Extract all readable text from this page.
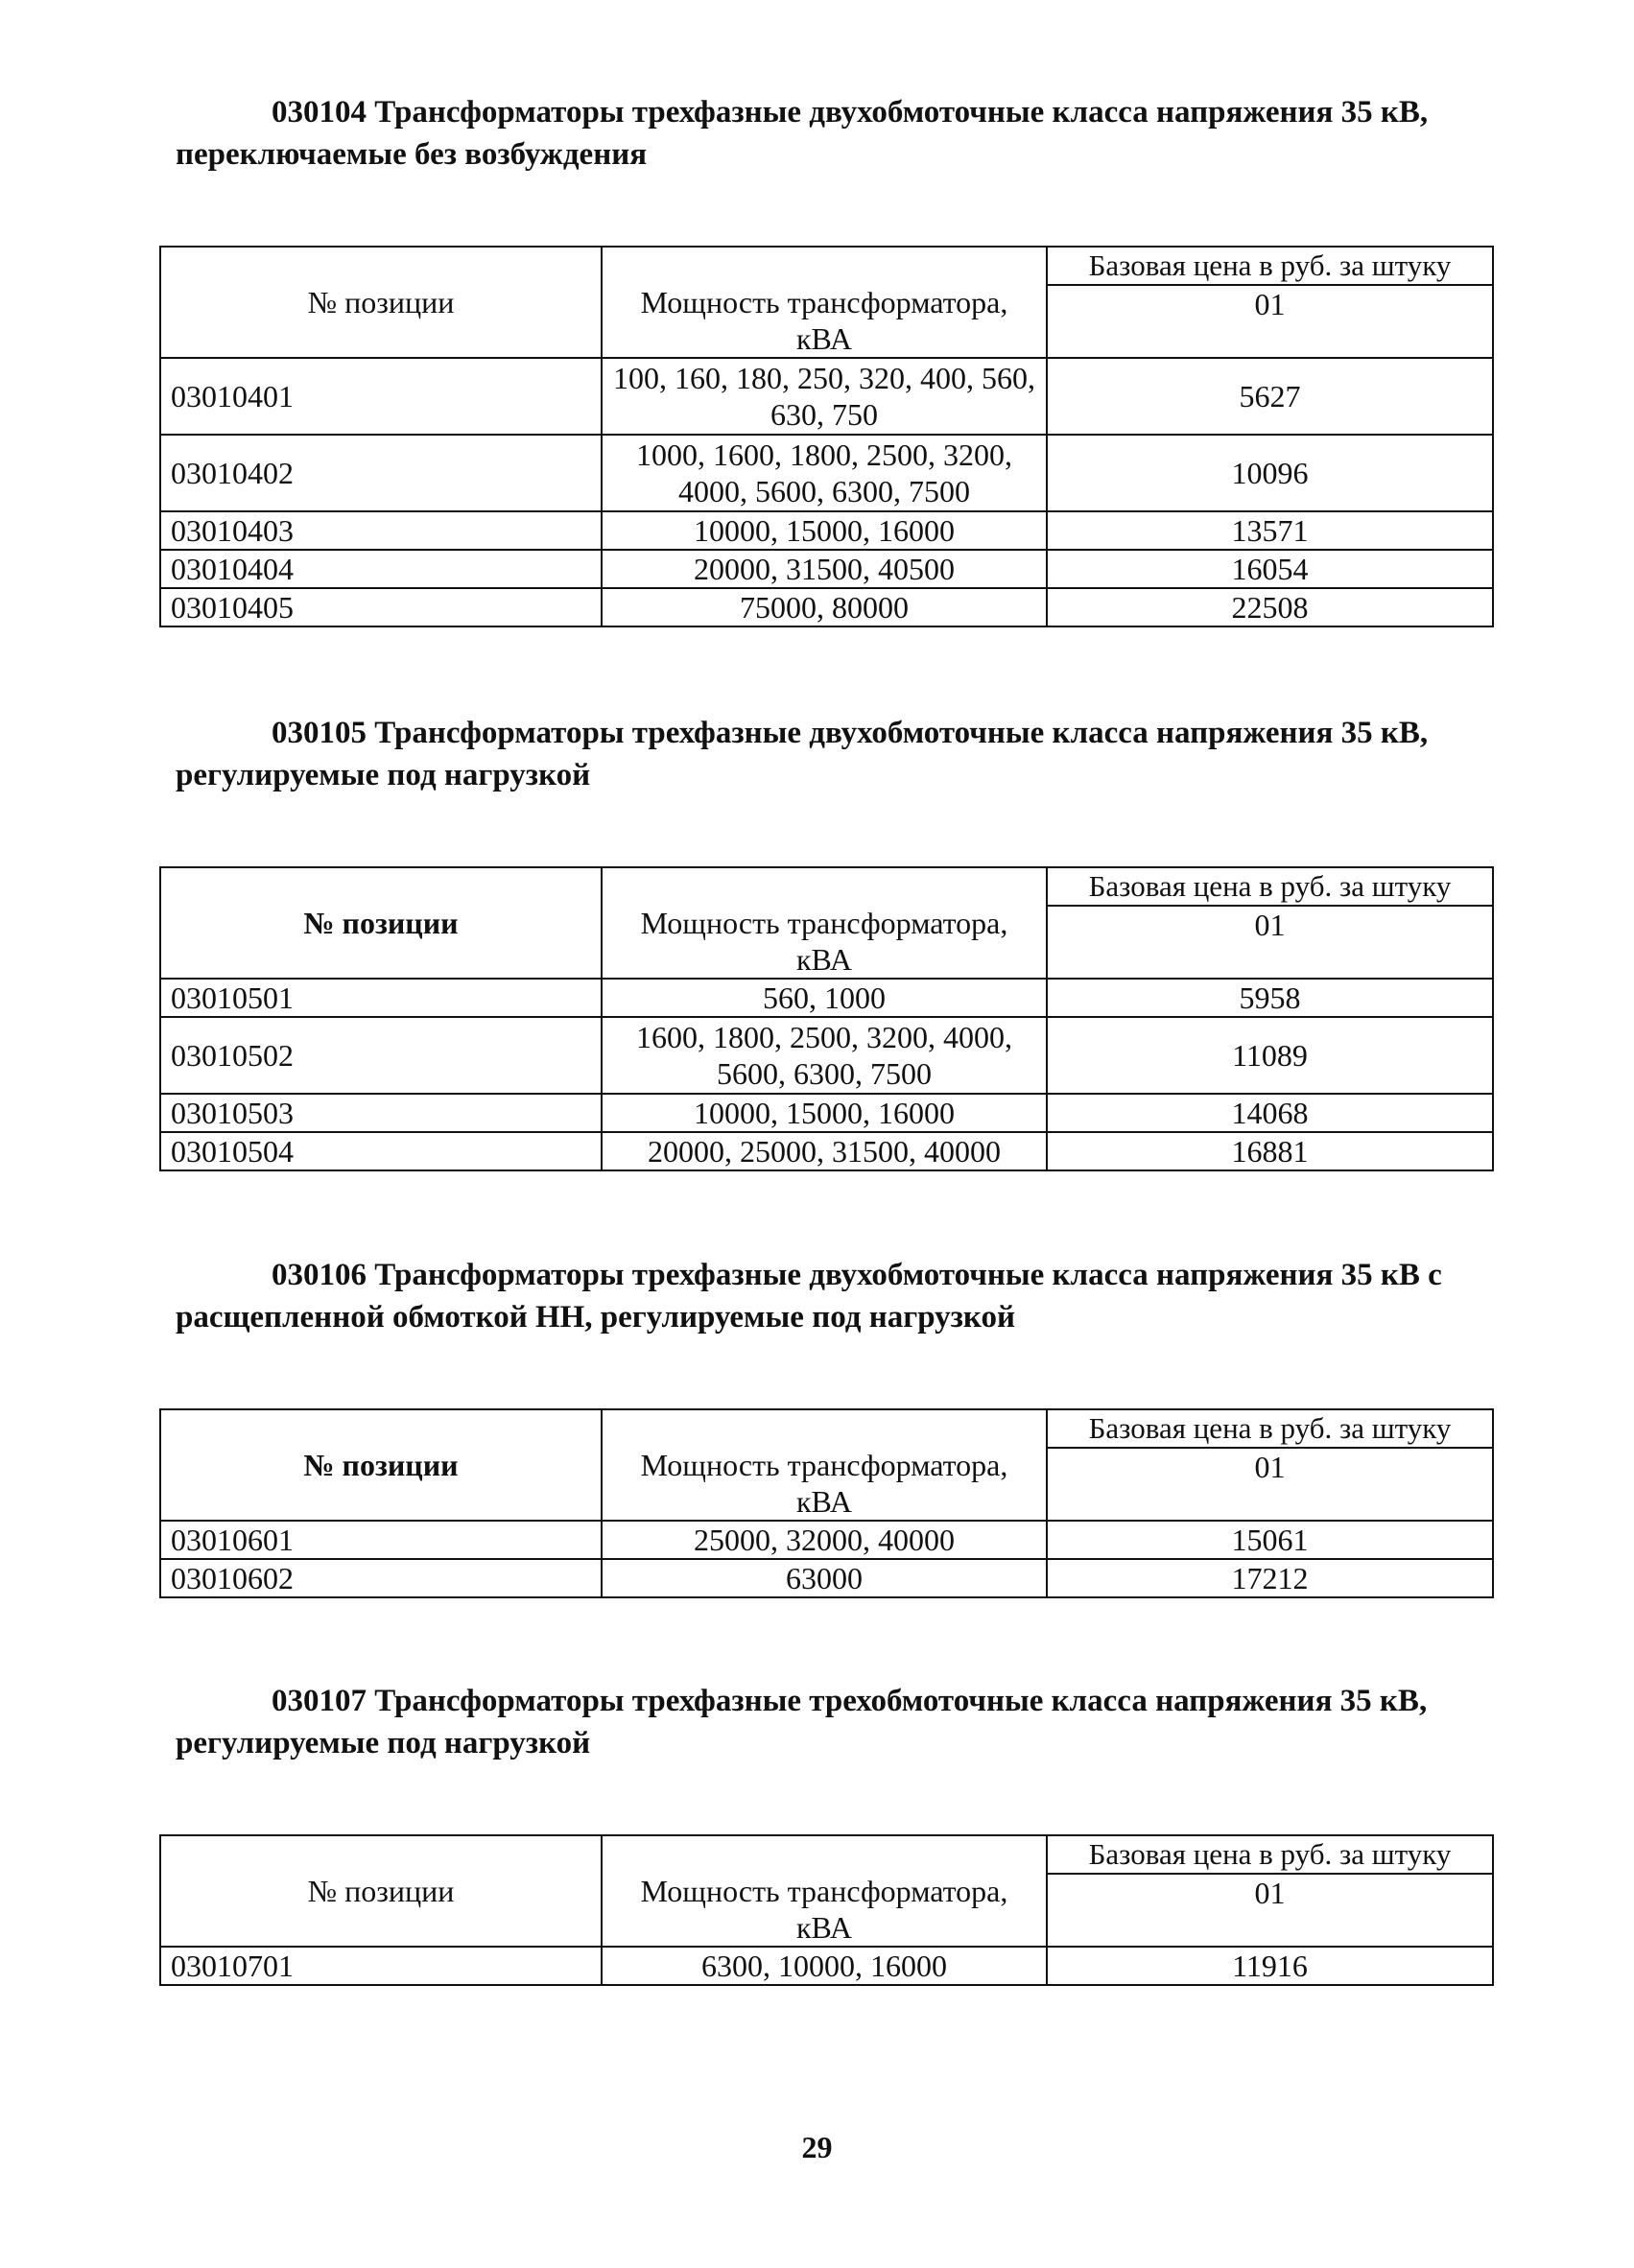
030104 Трансформаторы трехфазные двухобмоточные класса напряжения 35 кВ, переключаемые без возбуждения
№ позиции	Мощность трансформатора, кВА	Базовая цена в руб. за штуку
		01
03010401	100, 160, 180, 250, 320, 400, 560, 630, 750	5627
03010402	1000, 1600, 1800, 2500, 3200, 4000, 5600, 6300, 7500	10096
03010403	10000, 15000, 16000	13571
03010404	20000, 31500, 40500	16054
03010405	75000, 80000	22508
030105 Трансформаторы трехфазные двухобмоточные класса напряжения 35 кВ, регулируемые под нагрузкой
№ позиции	Мощность трансформатора, кВА	Базовая цена в руб. за штуку
		01
03010501	560, 1000	5958
03010502	1600, 1800, 2500, 3200, 4000, 5600, 6300, 7500	11089
03010503	10000, 15000, 16000	14068
03010504	20000, 25000, 31500, 40000	16881
030106 Трансформаторы трехфазные двухобмоточные класса напряжения 35 кВ с расщепленной обмоткой НН, регулируемые под нагрузкой
№ позиции	Мощность трансформатора, кВА	Базовая цена в руб. за штуку
		01
03010601	25000, 32000, 40000	15061
03010602	63000	17212
030107 Трансформаторы трехфазные трехобмоточные класса напряжения 35 кВ, регулируемые под нагрузкой
№ позиции	Мощность трансформатора, кВА	Базовая цена в руб. за штуку
		01
03010701	6300, 10000, 16000	11916
29
